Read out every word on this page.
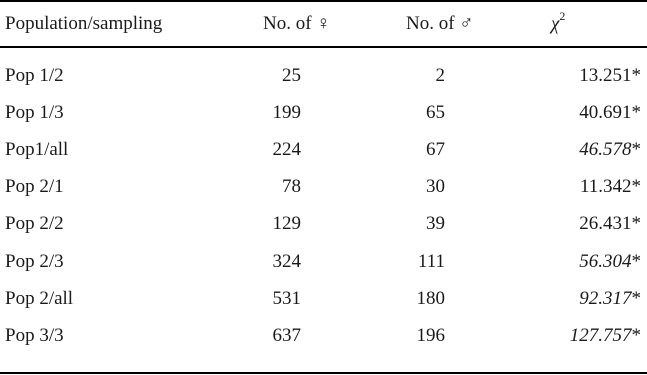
Population/sampling	No. of ♀	No. of ♂	$\chi^2$
Pop 1/2	25	2	13.251*
Pop 1/3	199	65	40.691*
Pop1/all	224	67	46.578*
Pop 2/1	78	30	11.342*
Pop 2/2	129	39	26.431*
Pop 2/3	324	111	56.304*
Pop 2/all	531	180	92.317*
Pop 3/3	637	196	127.757*
